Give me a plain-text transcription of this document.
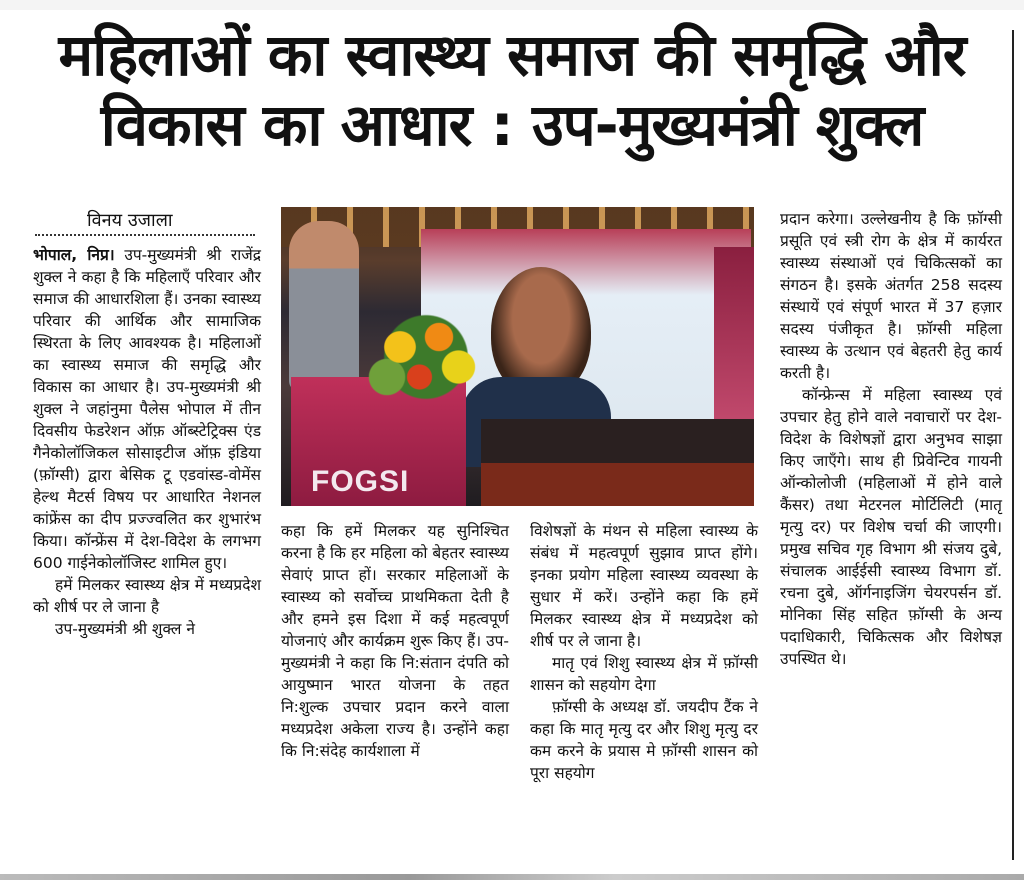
महिलाओं का स्वास्थ्य समाज की समृद्धि और
विकास का आधार : उप-मुख्यमंत्री शुक्ल
विनय उजाला

भोपाल, निप्र। उप-मुख्यमंत्री श्री राजेंद्र शुक्ल ने कहा है कि महिलाएँ परिवार और समाज की आधारशिला हैं। उनका स्वास्थ्य परिवार की आर्थिक और सामाजिक स्थिरता के लिए आवश्यक है। महिलाओं का स्वास्थ्य समाज की समृद्धि और विकास का आधार है। उप-मुख्यमंत्री श्री शुक्ल ने जहांनुमा पैलेस भोपाल में तीन दिवसीय फेडरेशन ऑफ़ ऑब्स्टेट्रिक्स एंड गैनेकोलॉजिकल सोसाइटीज ऑफ़ इंडिया (फ़ॉग्सी) द्वारा बेसिक टू एडवांस्ड-वोमेंस हेल्थ मैटर्स विषय पर आधारित नेशनल कांफ्रेंस का दीप प्रज्ज्वलित कर शुभारंभ किया। कॉन्फ्रेंस में देश-विदेश के लगभग 600 गाईनेकोलॉजिस्ट शामिल हुए।

हमें मिलकर स्वास्थ्य क्षेत्र में मध्यप्रदेश को शीर्ष पर ले जाना है

उप-मुख्यमंत्री श्री शुक्ल ने

FOGSI

कहा कि हमें मिलकर यह सुनिश्चित करना है कि हर महिला को बेहतर स्वास्थ्य सेवाएं प्राप्त हों। सरकार महिलाओं के स्वास्थ्य को सर्वोच्च प्राथमिकता देती है और हमने इस दिशा में कई महत्वपूर्ण योजनाएं और कार्यक्रम शुरू किए हैं। उप-मुख्यमंत्री ने कहा कि नि:संतान दंपति को आयुष्मान भारत योजना के तहत नि:शुल्क उपचार प्रदान करने वाला मध्यप्रदेश अकेला राज्य है। उन्होंने कहा कि नि:संदेह कार्यशाला में

विशेषज्ञों के मंथन से महिला स्वास्थ्य के संबंध में महत्वपूर्ण सुझाव प्राप्त होंगे। इनका प्रयोग महिला स्वास्थ्य व्यवस्था के सुधार में करें। उन्होंने कहा कि हमें मिलकर स्वास्थ्य क्षेत्र में मध्यप्रदेश को शीर्ष पर ले जाना है।

मातृ एवं शिशु स्वास्थ्य क्षेत्र में फ़ॉग्सी शासन को सहयोग देगा

फ़ॉग्सी के अध्यक्ष डॉ. जयदीप टैंक ने कहा कि मातृ मृत्यु दर और शिशु मृत्यु दर कम करने के प्रयास मे फ़ॉग्सी शासन को पूरा सहयोग

प्रदान करेगा। उल्लेखनीय है कि फ़ॉग्सी प्रसूति एवं स्त्री रोग के क्षेत्र में कार्यरत स्वास्थ्य संस्थाओं एवं चिकित्सकों का संगठन है। इसके अंतर्गत 258 सदस्य संस्थायें एवं संपूर्ण भारत में 37 हज़ार सदस्य पंजीकृत है। फ़ॉग्सी महिला स्वास्थ्य के उत्थान एवं बेहतरी हेतु कार्य करती है।

कॉन्फ्रेन्स में महिला स्वास्थ्य एवं उपचार हेतु होने वाले नवाचारों पर देश-विदेश के विशेषज्ञों द्वारा अनुभव साझा किए जाएँगे। साथ ही प्रिवेन्टिव गायनी ऑन्कोलोजी (महिलाओं में होने वाले कैंसर) तथा मेटरनल मोर्टिलिटी (मातृ मृत्यु दर) पर विशेष चर्चा की जाएगी। प्रमुख सचिव गृह विभाग श्री संजय दुबे, संचालक आईईसी स्वास्थ्य विभाग डॉ. रचना दुबे, ऑर्गनाइजिंग चेयरपर्सन डॉ. मोनिका सिंह सहित फ़ॉग्सी के अन्य पदाधिकारी, चिकित्सक और विशेषज्ञ उपस्थित थे।
